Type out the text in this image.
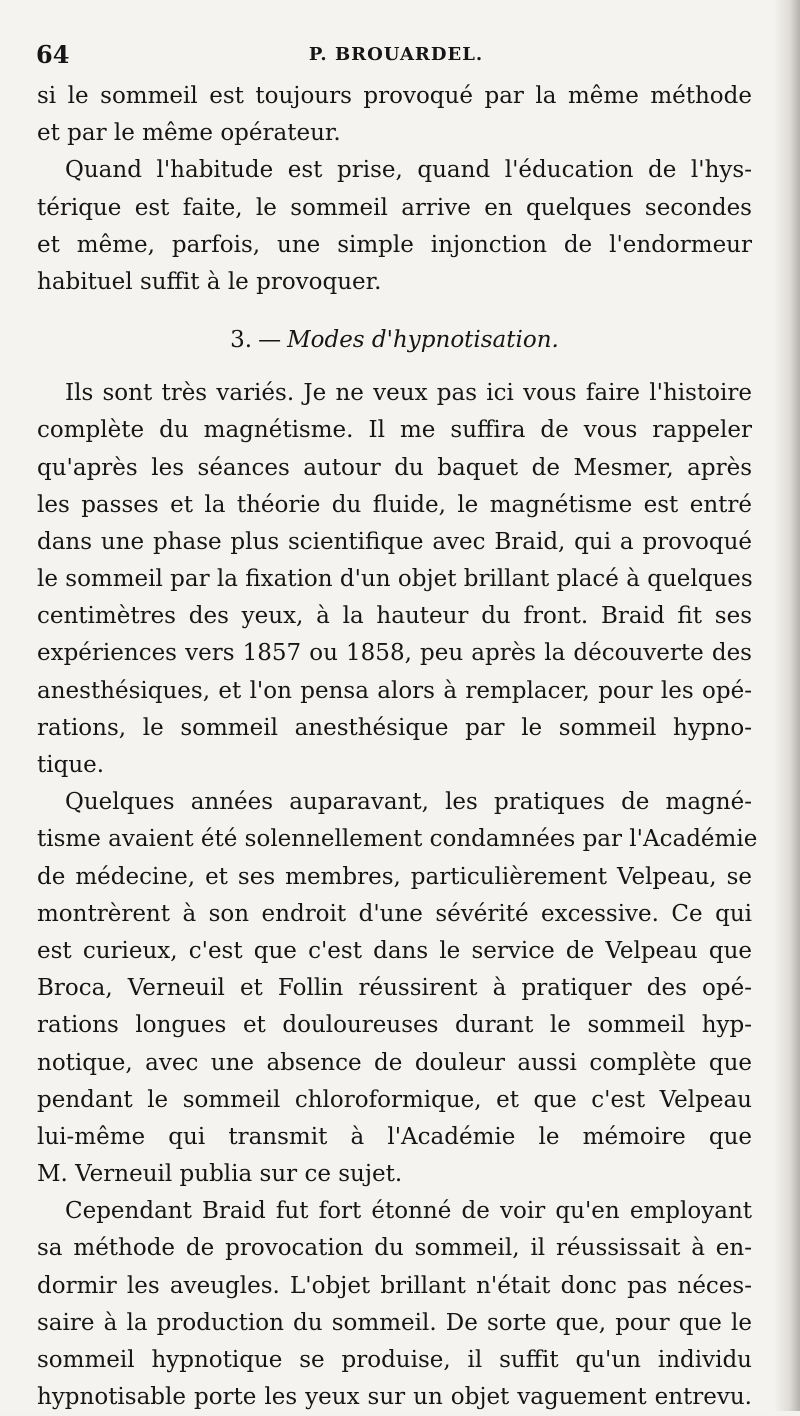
64	P. BROUARDEL.
si le sommeil est toujours provoqué par la même méthode
et par le même opérateur.
Quand l'habitude est prise, quand l'éducation de l'hys-
térique est faite, le sommeil arrive en quelques secondes
et même, parfois, une simple injonction de l'endormeur
habituel suffit à le provoquer.
3. — Modes d'hypnotisation.
Ils sont très variés. Je ne veux pas ici vous faire l'histoire
complète du magnétisme. Il me suffira de vous rappeler
qu'après les séances autour du baquet de Mesmer, après
les passes et la théorie du fluide, le magnétisme est entré
dans une phase plus scientifique avec Braid, qui a provoqué
le sommeil par la fixation d'un objet brillant placé à quelques
centimètres des yeux, à la hauteur du front. Braid fit ses
expériences vers 1857 ou 1858, peu après la découverte des
anesthésiques, et l'on pensa alors à remplacer, pour les opé-
rations, le sommeil anesthésique par le sommeil hypno-
tique.
Quelques années auparavant, les pratiques de magné-
tisme avaient été solennellement condamnées par l'Académie
de médecine, et ses membres, particulièrement Velpeau, se
montrèrent à son endroit d'une sévérité excessive. Ce qui
est curieux, c'est que c'est dans le service de Velpeau que
Broca, Verneuil et Follin réussirent à pratiquer des opé-
rations longues et douloureuses durant le sommeil hyp-
notique, avec une absence de douleur aussi complète que
pendant le sommeil chloroformique, et que c'est Velpeau
lui-même qui transmit à l'Académie le mémoire que
M. Verneuil publia sur ce sujet.
Cependant Braid fut fort étonné de voir qu'en employant
sa méthode de provocation du sommeil, il réussissait à en-
dormir les aveugles. L'objet brillant n'était donc pas néces-
saire à la production du sommeil. De sorte que, pour que le
sommeil hypnotique se produise, il suffit qu'un individu
hypnotisable porte les yeux sur un objet vaguement entrevu.
